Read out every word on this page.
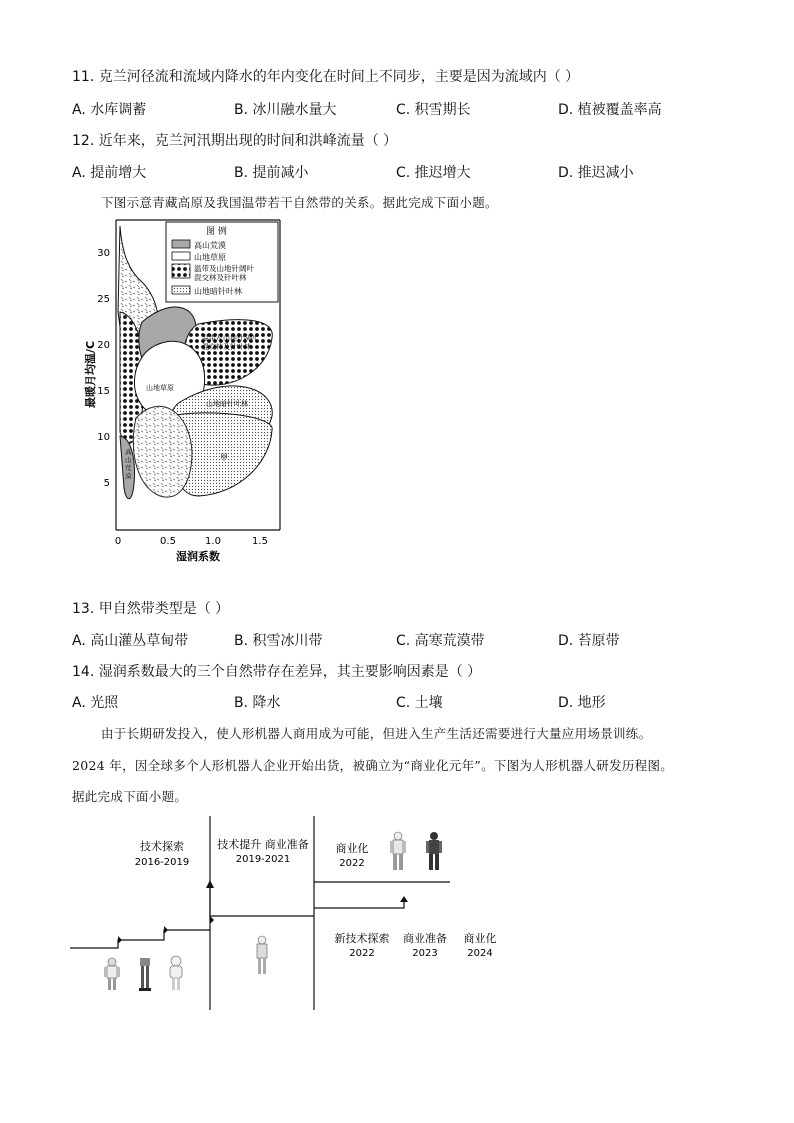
11. 克兰河径流和流域内降水的年内变化在时间上不同步，主要是因为流域内（ ）
A. 水库调蓄	B. 冰川融水量大	C. 积雪期长	D. 植被覆盖率高
12. 近年来，克兰河汛期出现的时间和洪峰流量（ ）
A. 提前增大	B. 提前减小	C. 推迟增大	D. 推迟减小
下图示意青藏高原及我国温带若干自然带的关系。据此完成下面小题。
30
25
20
15
10
5
0	0.5	1.0	1.5
最暖月均温/C
湿润系数
温带及山地针阔叶
混交林及针叶林
山地草原
山地暗针叶林
甲
高
山
荒
漠
图 例
高山荒漠
山地草原
温带及山地针阔叶
混交林及针叶林
山地暗针叶林
13. 甲自然带类型是（ ）
A. 高山灌丛草甸带	B. 积雪冰川带	C. 高寒荒漠带	D. 苔原带
14. 湿润系数最大的三个自然带存在差异，其主要影响因素是（ ）
A. 光照	B. 降水	C. 土壤	D. 地形
由于长期研发投入，使人形机器人商用成为可能，但进入生产生活还需要进行大量应用场景训练。
2024 年，因全球多个人形机器人企业开始出货，被确立为“商业化元年”。下图为人形机器人研发历程图。
据此完成下面小题。
技术探索
2016-2019
技术提升 商业准备
2019-2021
商业化
2022
新技术探索
2022
商业准备
2023
商业化
2024
